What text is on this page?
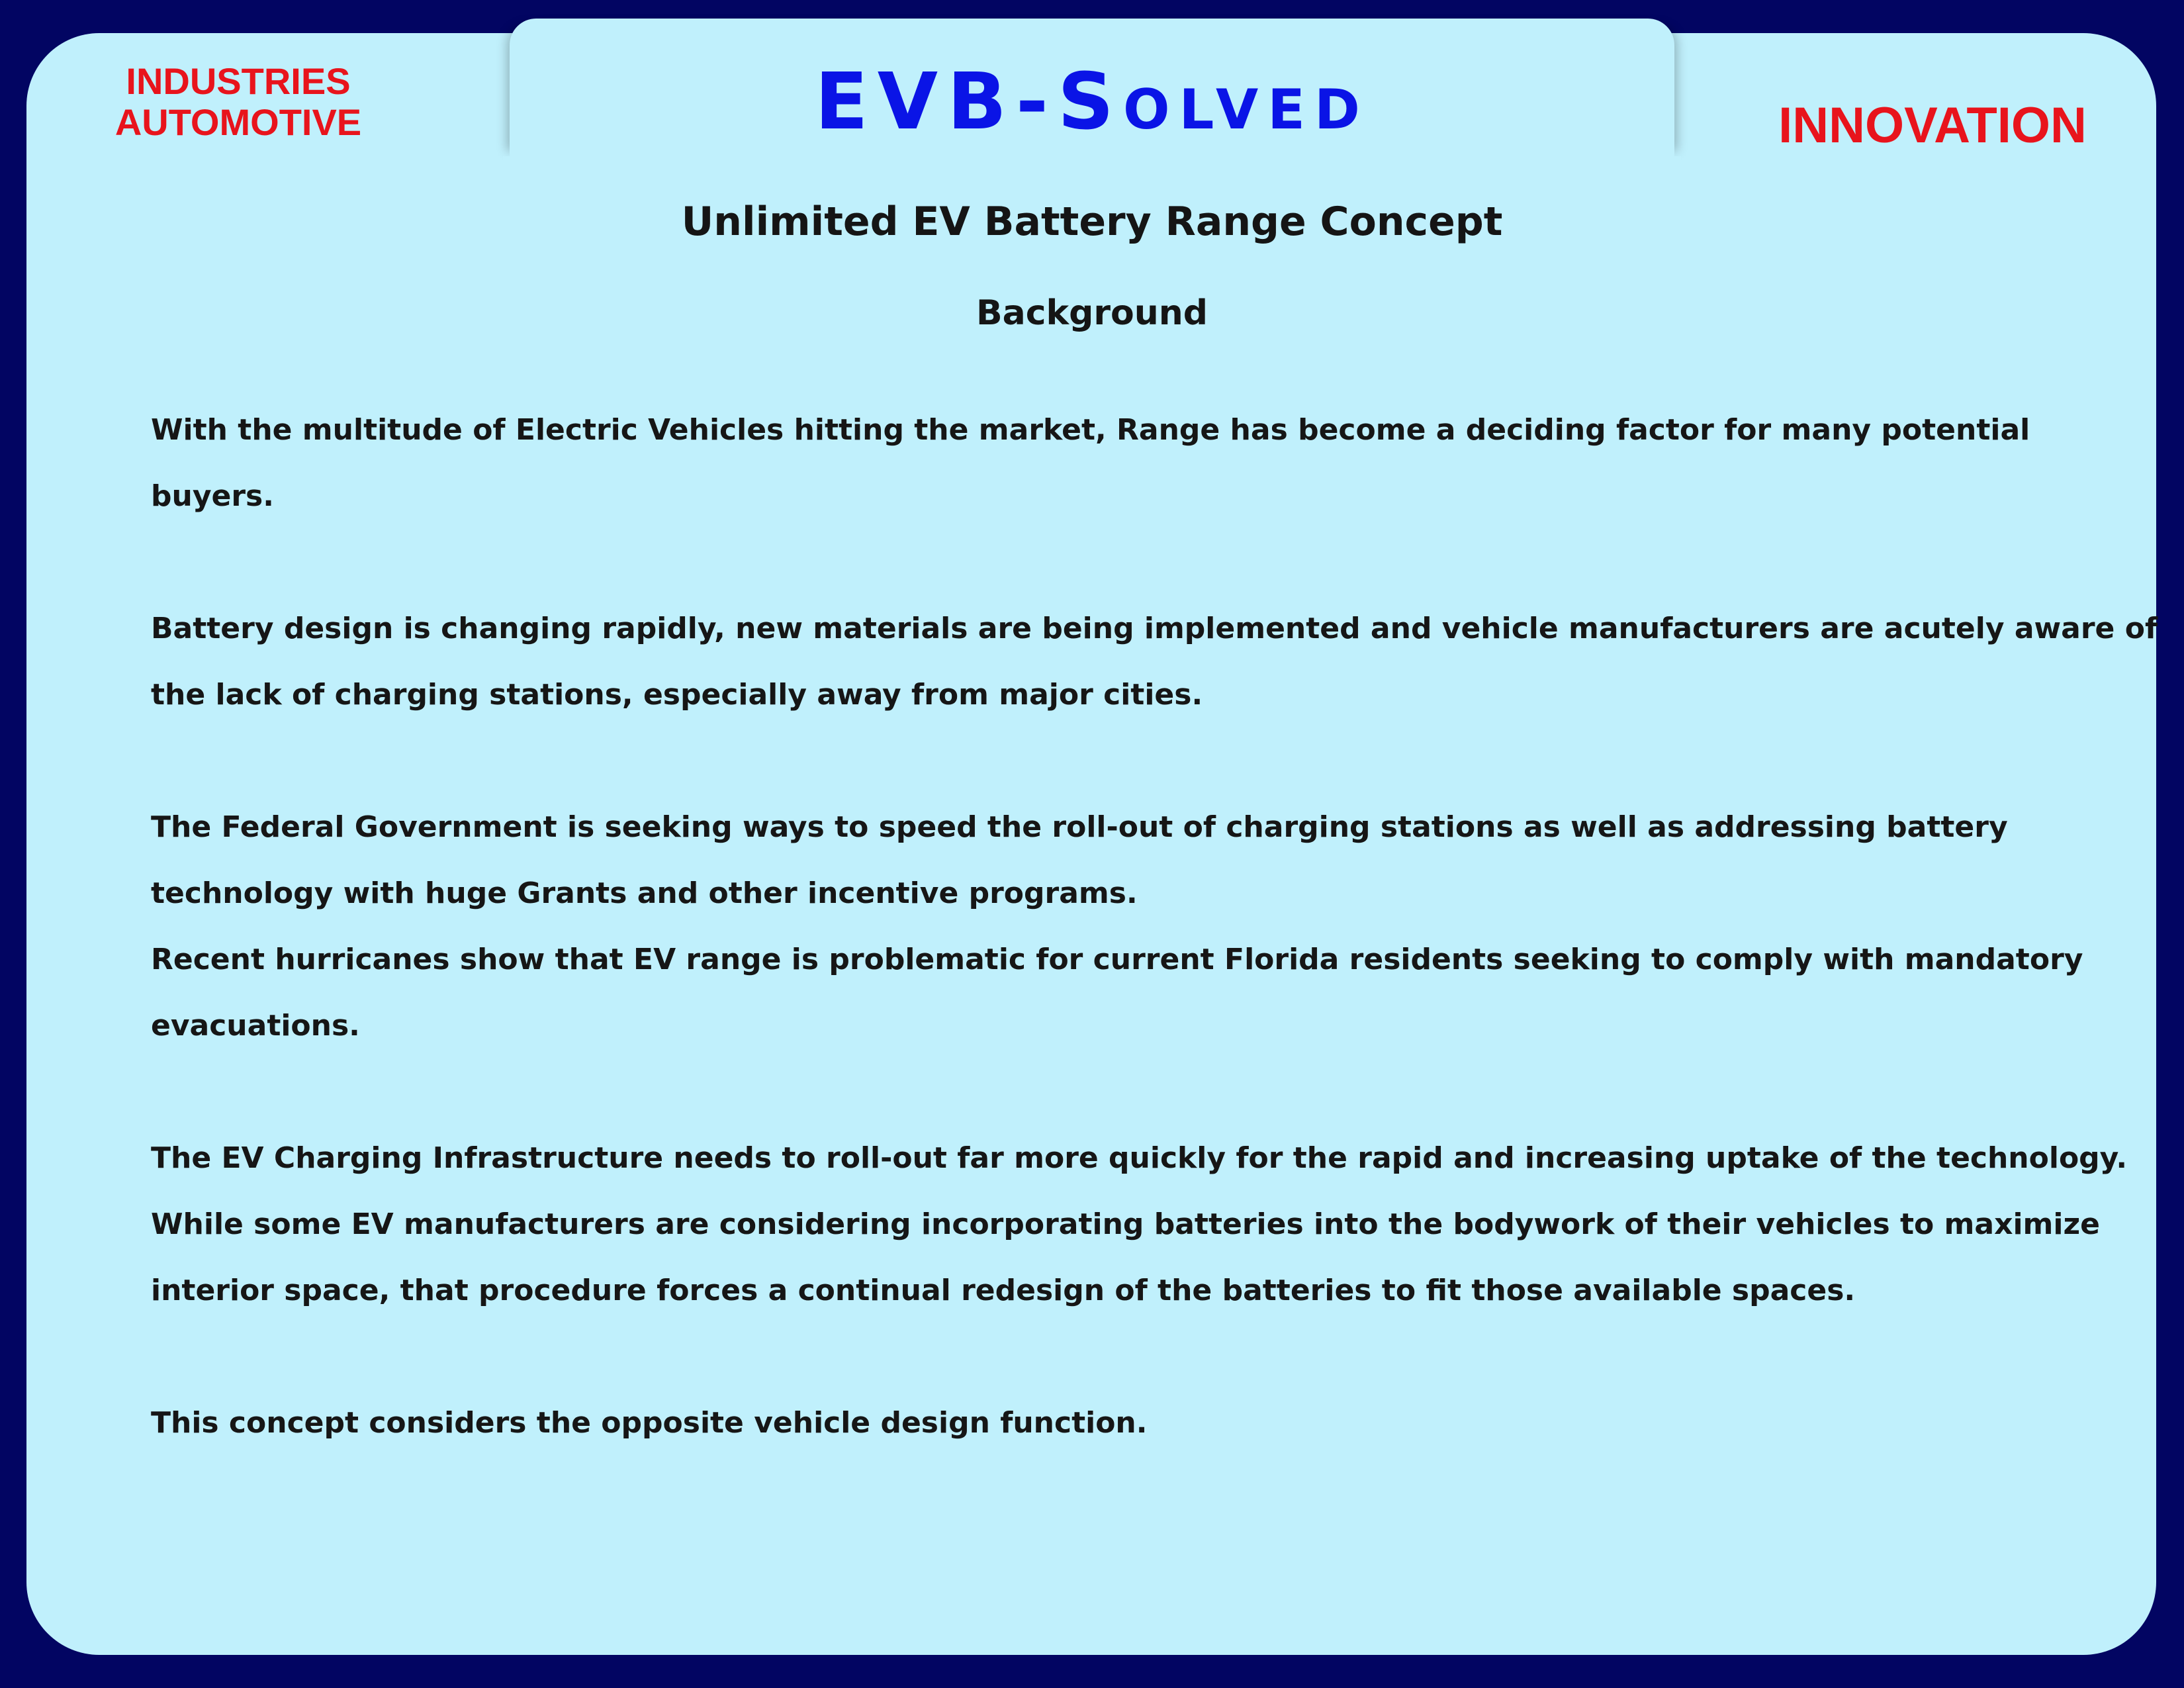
INDUSTRIES
AUTOMOTIVE	EVB-Solved	INNOVATION
Unlimited EV Battery Range Concept
Background

With the multitude of Electric Vehicles hitting the market, Range has become a deciding factor for many potential
buyers.

Battery design is changing rapidly, new materials are being implemented and vehicle manufacturers are acutely aware of
the lack of charging stations, especially away from major cities.

The Federal Government is seeking ways to speed the roll-out of charging stations as well as addressing battery
technology with huge Grants and other incentive programs.
Recent hurricanes show that EV range is problematic for current Florida residents seeking to comply with mandatory
evacuations.

The EV Charging Infrastructure needs to roll-out far more quickly for the rapid and increasing uptake of the technology.
While some EV manufacturers are considering incorporating batteries into the bodywork of their vehicles to maximize
interior space, that procedure forces a continual redesign of the batteries to fit those available spaces.

This concept considers the opposite vehicle design function.
